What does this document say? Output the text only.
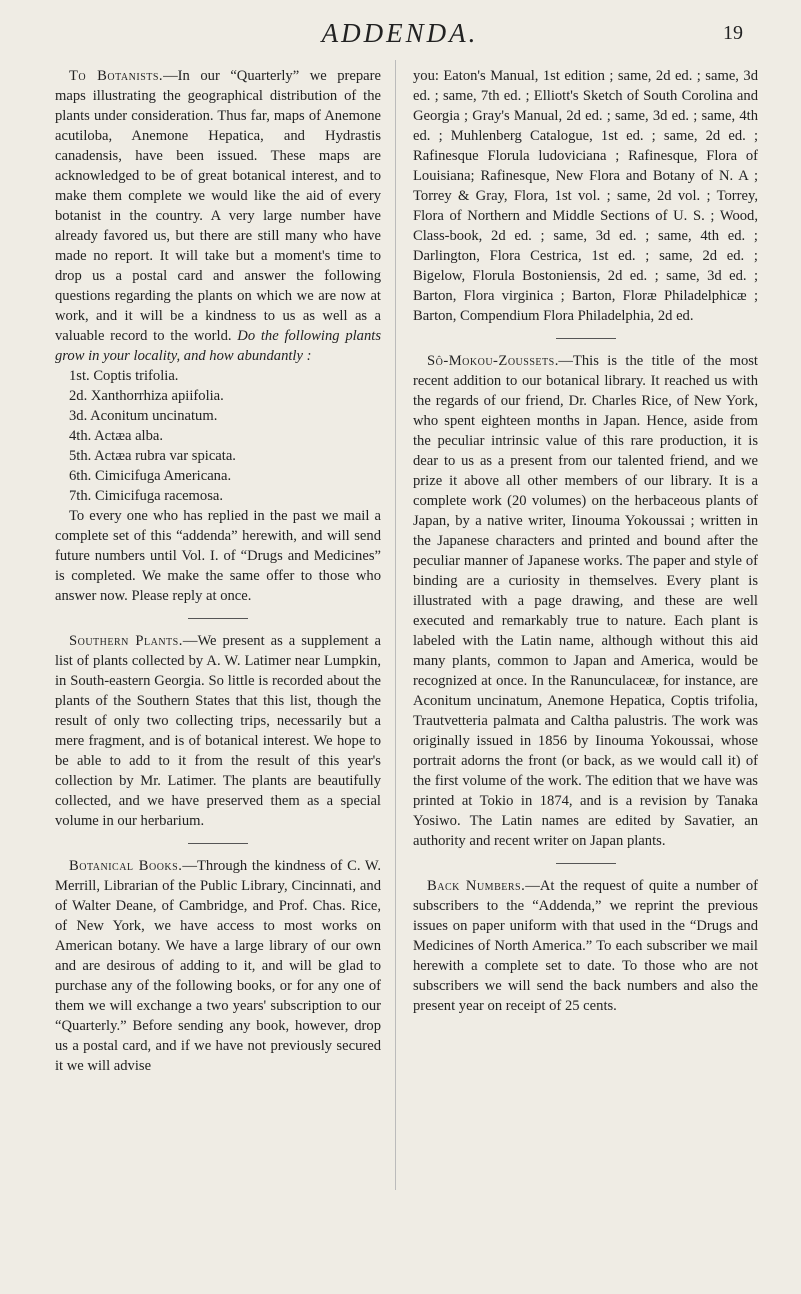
ADDENDA.	19

To Botanists.—In our “Quarterly” we prepare maps illustrating the geographical distribution of the plants under consideration. Thus far, maps of Anemone acutiloba, Anemone Hepatica, and Hydrastis canadensis, have been issued. These maps are acknowledged to be of great botanical interest, and to make them complete we would like the aid of every botanist in the country. A very large number have already favored us, but there are still many who have made no report. It will take but a moment's time to drop us a postal card and answer the following questions regarding the plants on which we are now at work, and it will be a kindness to us as well as a valuable record to the world. Do the following plants grow in your locality, and how abundantly :

1st. Coptis trifolia.
2d. Xanthorrhiza apiifolia.
3d. Aconitum uncinatum.
4th. Actæa alba.
5th. Actæa rubra var spicata.
6th. Cimicifuga Americana.
7th. Cimicifuga racemosa.

To every one who has replied in the past we mail a complete set of this “addenda” herewith, and will send future numbers until Vol. I. of “Drugs and Medicines” is completed. We make the same offer to those who answer now. Please reply at once.

Southern Plants.—We present as a supplement a list of plants collected by A. W. Latimer near Lumpkin, in South-eastern Georgia. So little is recorded about the plants of the Southern States that this list, though the result of only two collecting trips, necessarily but a mere fragment, and is of botanical interest. We hope to be able to add to it from the result of this year's collection by Mr. Latimer. The plants are beautifully collected, and we have preserved them as a special volume in our herbarium.

Botanical Books.—Through the kindness of C. W. Merrill, Librarian of the Public Library, Cincinnati, and of Walter Deane, of Cambridge, and Prof. Chas. Rice, of New York, we have access to most works on American botany. We have a large library of our own and are desirous of adding to it, and will be glad to purchase any of the following books, or for any one of them we will exchange a two years' subscription to our “Quarterly.” Before sending any book, however, drop us a postal card, and if we have not previously secured it we will advise

you: Eaton's Manual, 1st edition ; same, 2d ed. ; same, 3d ed. ; same, 7th ed. ; Elliott's Sketch of South Corolina and Georgia ; Gray's Manual, 2d ed. ; same, 3d ed. ; same, 4th ed. ; Muhlenberg Catalogue, 1st ed. ; same, 2d ed. ; Rafinesque Florula ludoviciana ; Rafinesque, Flora of Louisiana; Rafinesque, New Flora and Botany of N. A ; Torrey & Gray, Flora, 1st vol. ; same, 2d vol. ; Torrey, Flora of Northern and Middle Sections of U. S. ; Wood, Class-book, 2d ed. ; same, 3d ed. ; same, 4th ed. ; Darlington, Flora Cestrica, 1st ed. ; same, 2d ed. ; Bigelow, Florula Bostoniensis, 2d ed. ; same, 3d ed. ; Barton, Flora virginica ; Barton, Floræ Philadelphicæ ; Barton, Compendium Flora Philadelphia, 2d ed.

Sô-Mokou-Zoussets.—This is the title of the most recent addition to our botanical library. It reached us with the regards of our friend, Dr. Charles Rice, of New York, who spent eighteen months in Japan. Hence, aside from the peculiar intrinsic value of this rare production, it is dear to us as a present from our talented friend, and we prize it above all other members of our library. It is a complete work (20 volumes) on the herbaceous plants of Japan, by a native writer, Iinouma Yokoussai ; written in the Japanese characters and printed and bound after the peculiar manner of Japanese works. The paper and style of binding are a curiosity in themselves. Every plant is illustrated with a page drawing, and these are well executed and remarkably true to nature. Each plant is labeled with the Latin name, although without this aid many plants, common to Japan and America, would be recognized at once. In the Ranunculaceæ, for instance, are Aconitum uncinatum, Anemone Hepatica, Coptis trifolia, Trautvetteria palmata and Caltha palustris. The work was originally issued in 1856 by Iinouma Yokoussai, whose portrait adorns the front (or back, as we would call it) of the first volume of the work. The edition that we have was printed at Tokio in 1874, and is a revision by Tanaka Yosiwo. The Latin names are edited by Savatier, an authority and recent writer on Japan plants.

Back Numbers.—At the request of quite a number of subscribers to the “Addenda,” we reprint the previous issues on paper uniform with that used in the “Drugs and Medicines of North America.” To each subscriber we mail herewith a complete set to date. To those who are not subscribers we will send the back numbers and also the present year on receipt of 25 cents.
